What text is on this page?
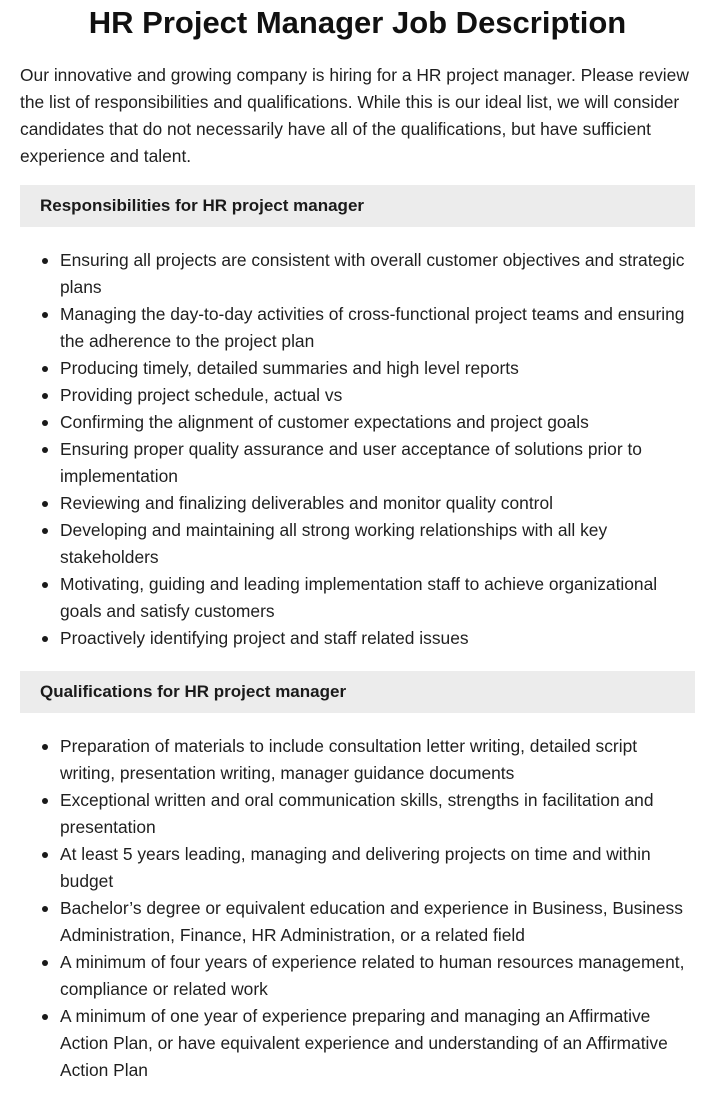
HR Project Manager Job Description

Our innovative and growing company is hiring for a HR project manager. Please review the list of responsibilities and qualifications. While this is our ideal list, we will consider candidates that do not necessarily have all of the qualifications, but have sufficient experience and talent.

Responsibilities for HR project manager
Ensuring all projects are consistent with overall customer objectives and strategic plans
Managing the day-to-day activities of cross-functional project teams and ensuring the adherence to the project plan
Producing timely, detailed summaries and high level reports
Providing project schedule, actual vs
Confirming the alignment of customer expectations and project goals
Ensuring proper quality assurance and user acceptance of solutions prior to implementation
Reviewing and finalizing deliverables and monitor quality control
Developing and maintaining all strong working relationships with all key stakeholders
Motivating, guiding and leading implementation staff to achieve organizational goals and satisfy customers
Proactively identifying project and staff related issues
Qualifications for HR project manager
Preparation of materials to include consultation letter writing, detailed script writing, presentation writing, manager guidance documents
Exceptional written and oral communication skills, strengths in facilitation and presentation
At least 5 years leading, managing and delivering projects on time and within budget
Bachelor’s degree or equivalent education and experience in Business, Business Administration, Finance, HR Administration, or a related field
A minimum of four years of experience related to human resources management, compliance or related work
A minimum of one year of experience preparing and managing an Affirmative Action Plan, or have equivalent experience and understanding of an Affirmative Action Plan
